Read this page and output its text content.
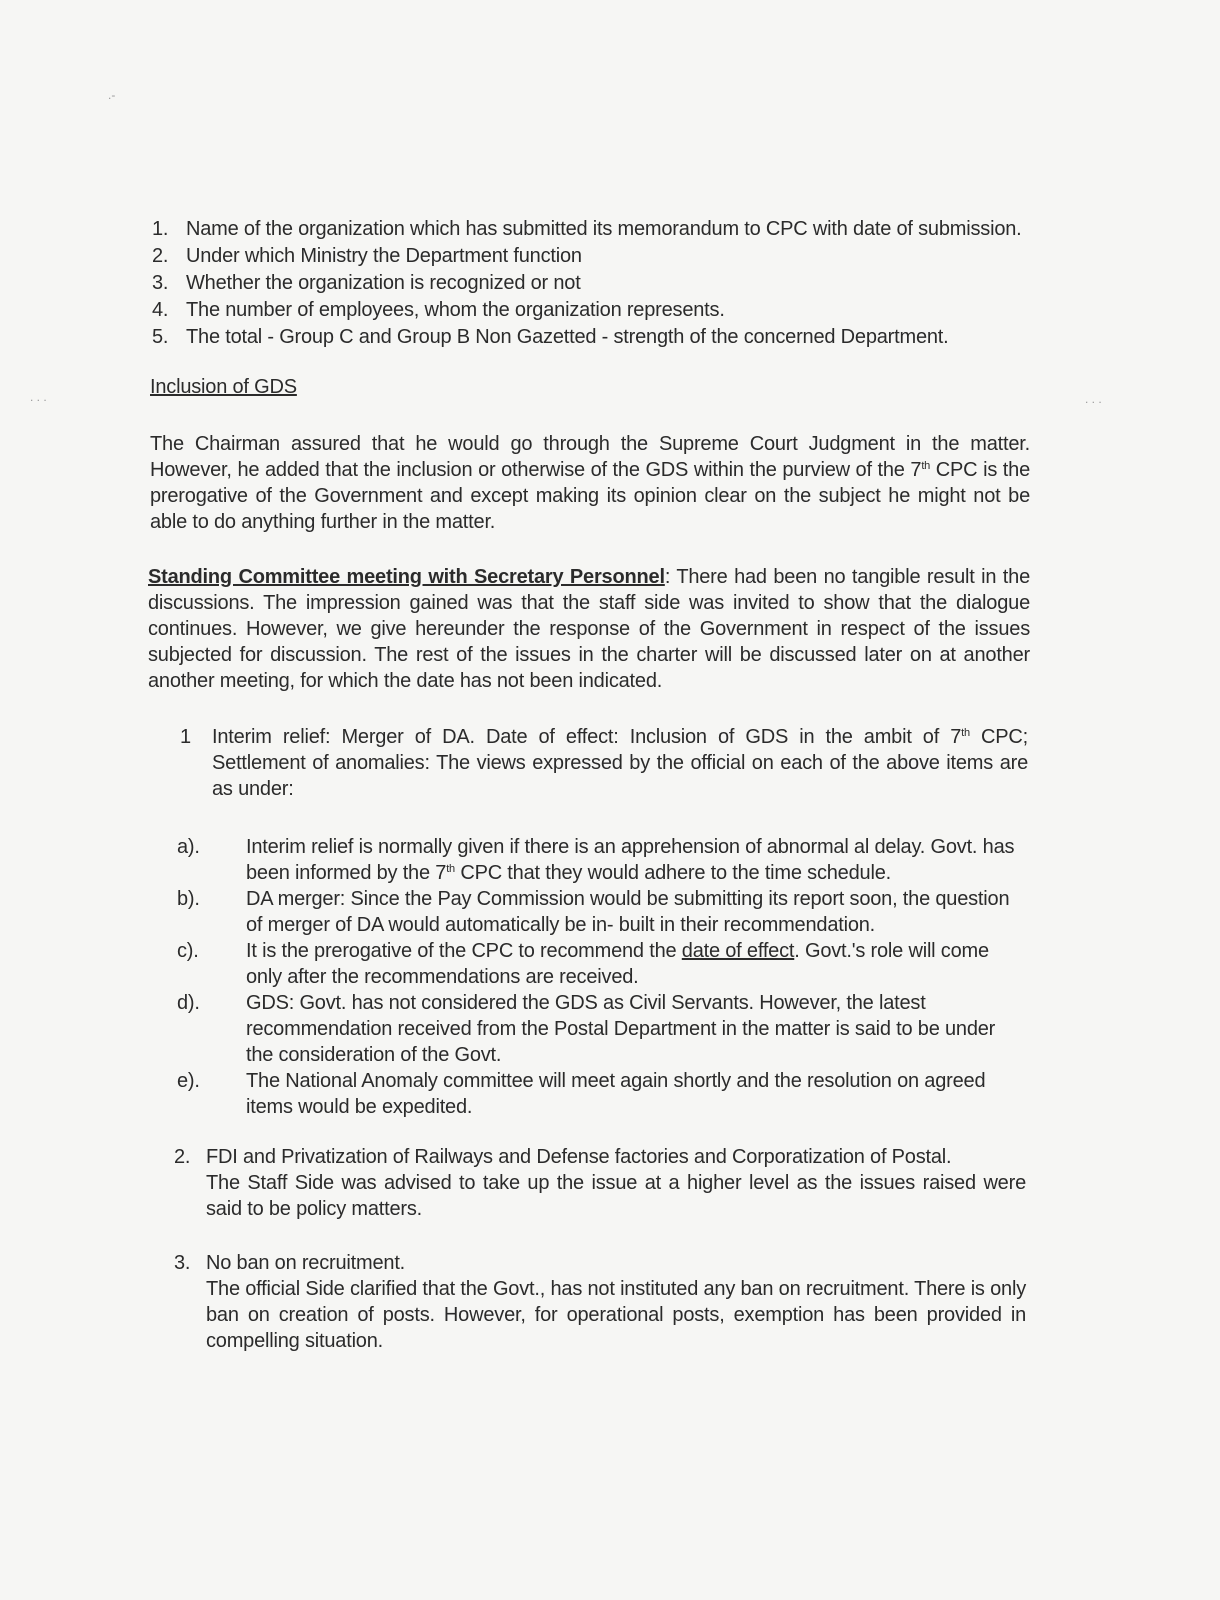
.-
. . .	. . .
1. Name of the organization which has submitted its memorandum to CPC with date of submission.
2. Under which Ministry the Department function
3. Whether the organization is recognized or not
4. The number of employees, whom the organization represents.
5. The total - Group C and Group B Non Gazetted - strength of the concerned Department.
Inclusion of GDS
The Chairman assured that he would go through the Supreme Court Judgment in the matter. However, he added that the inclusion or otherwise of the GDS within the purview of the 7th CPC is the prerogative of the Government and except making its opinion clear on the subject he might not be able to do anything further in the matter.
Standing Committee meeting with Secretary Personnel: There had been no tangible result in the discussions. The impression gained was that the staff side was invited to show that the dialogue continues. However, we give hereunder the response of the Government in respect of the issues subjected for discussion. The rest of the issues in the charter will be discussed later on at another another meeting, for which the date has not been indicated.
1 Interim relief: Merger of DA. Date of effect: Inclusion of GDS in the ambit of 7th CPC; Settlement of anomalies: The views expressed by the official on each of the above items are as under:
a). Interim relief is normally given if there is an apprehension of abnormal al delay. Govt. has been informed by the 7th CPC that they would adhere to the time schedule.
b). DA merger: Since the Pay Commission would be submitting its report soon, the question of merger of DA would automatically be in- built in their recommendation.
c). It is the prerogative of the CPC to recommend the date of effect. Govt.'s role will come only after the recommendations are received.
d). GDS: Govt. has not considered the GDS as Civil Servants. However, the latest recommendation received from the Postal Department in the matter is said to be under the consideration of the Govt.
e). The National Anomaly committee will meet again shortly and the resolution on agreed items would be expedited.
2. FDI and Privatization of Railways and Defense factories and Corporatization of Postal.
The Staff Side was advised to take up the issue at a higher level as the issues raised were said to be policy matters.
3. No ban on recruitment.
The official Side clarified that the Govt., has not instituted any ban on recruitment. There is only ban on creation of posts. However, for operational posts, exemption has been provided in compelling situation.
